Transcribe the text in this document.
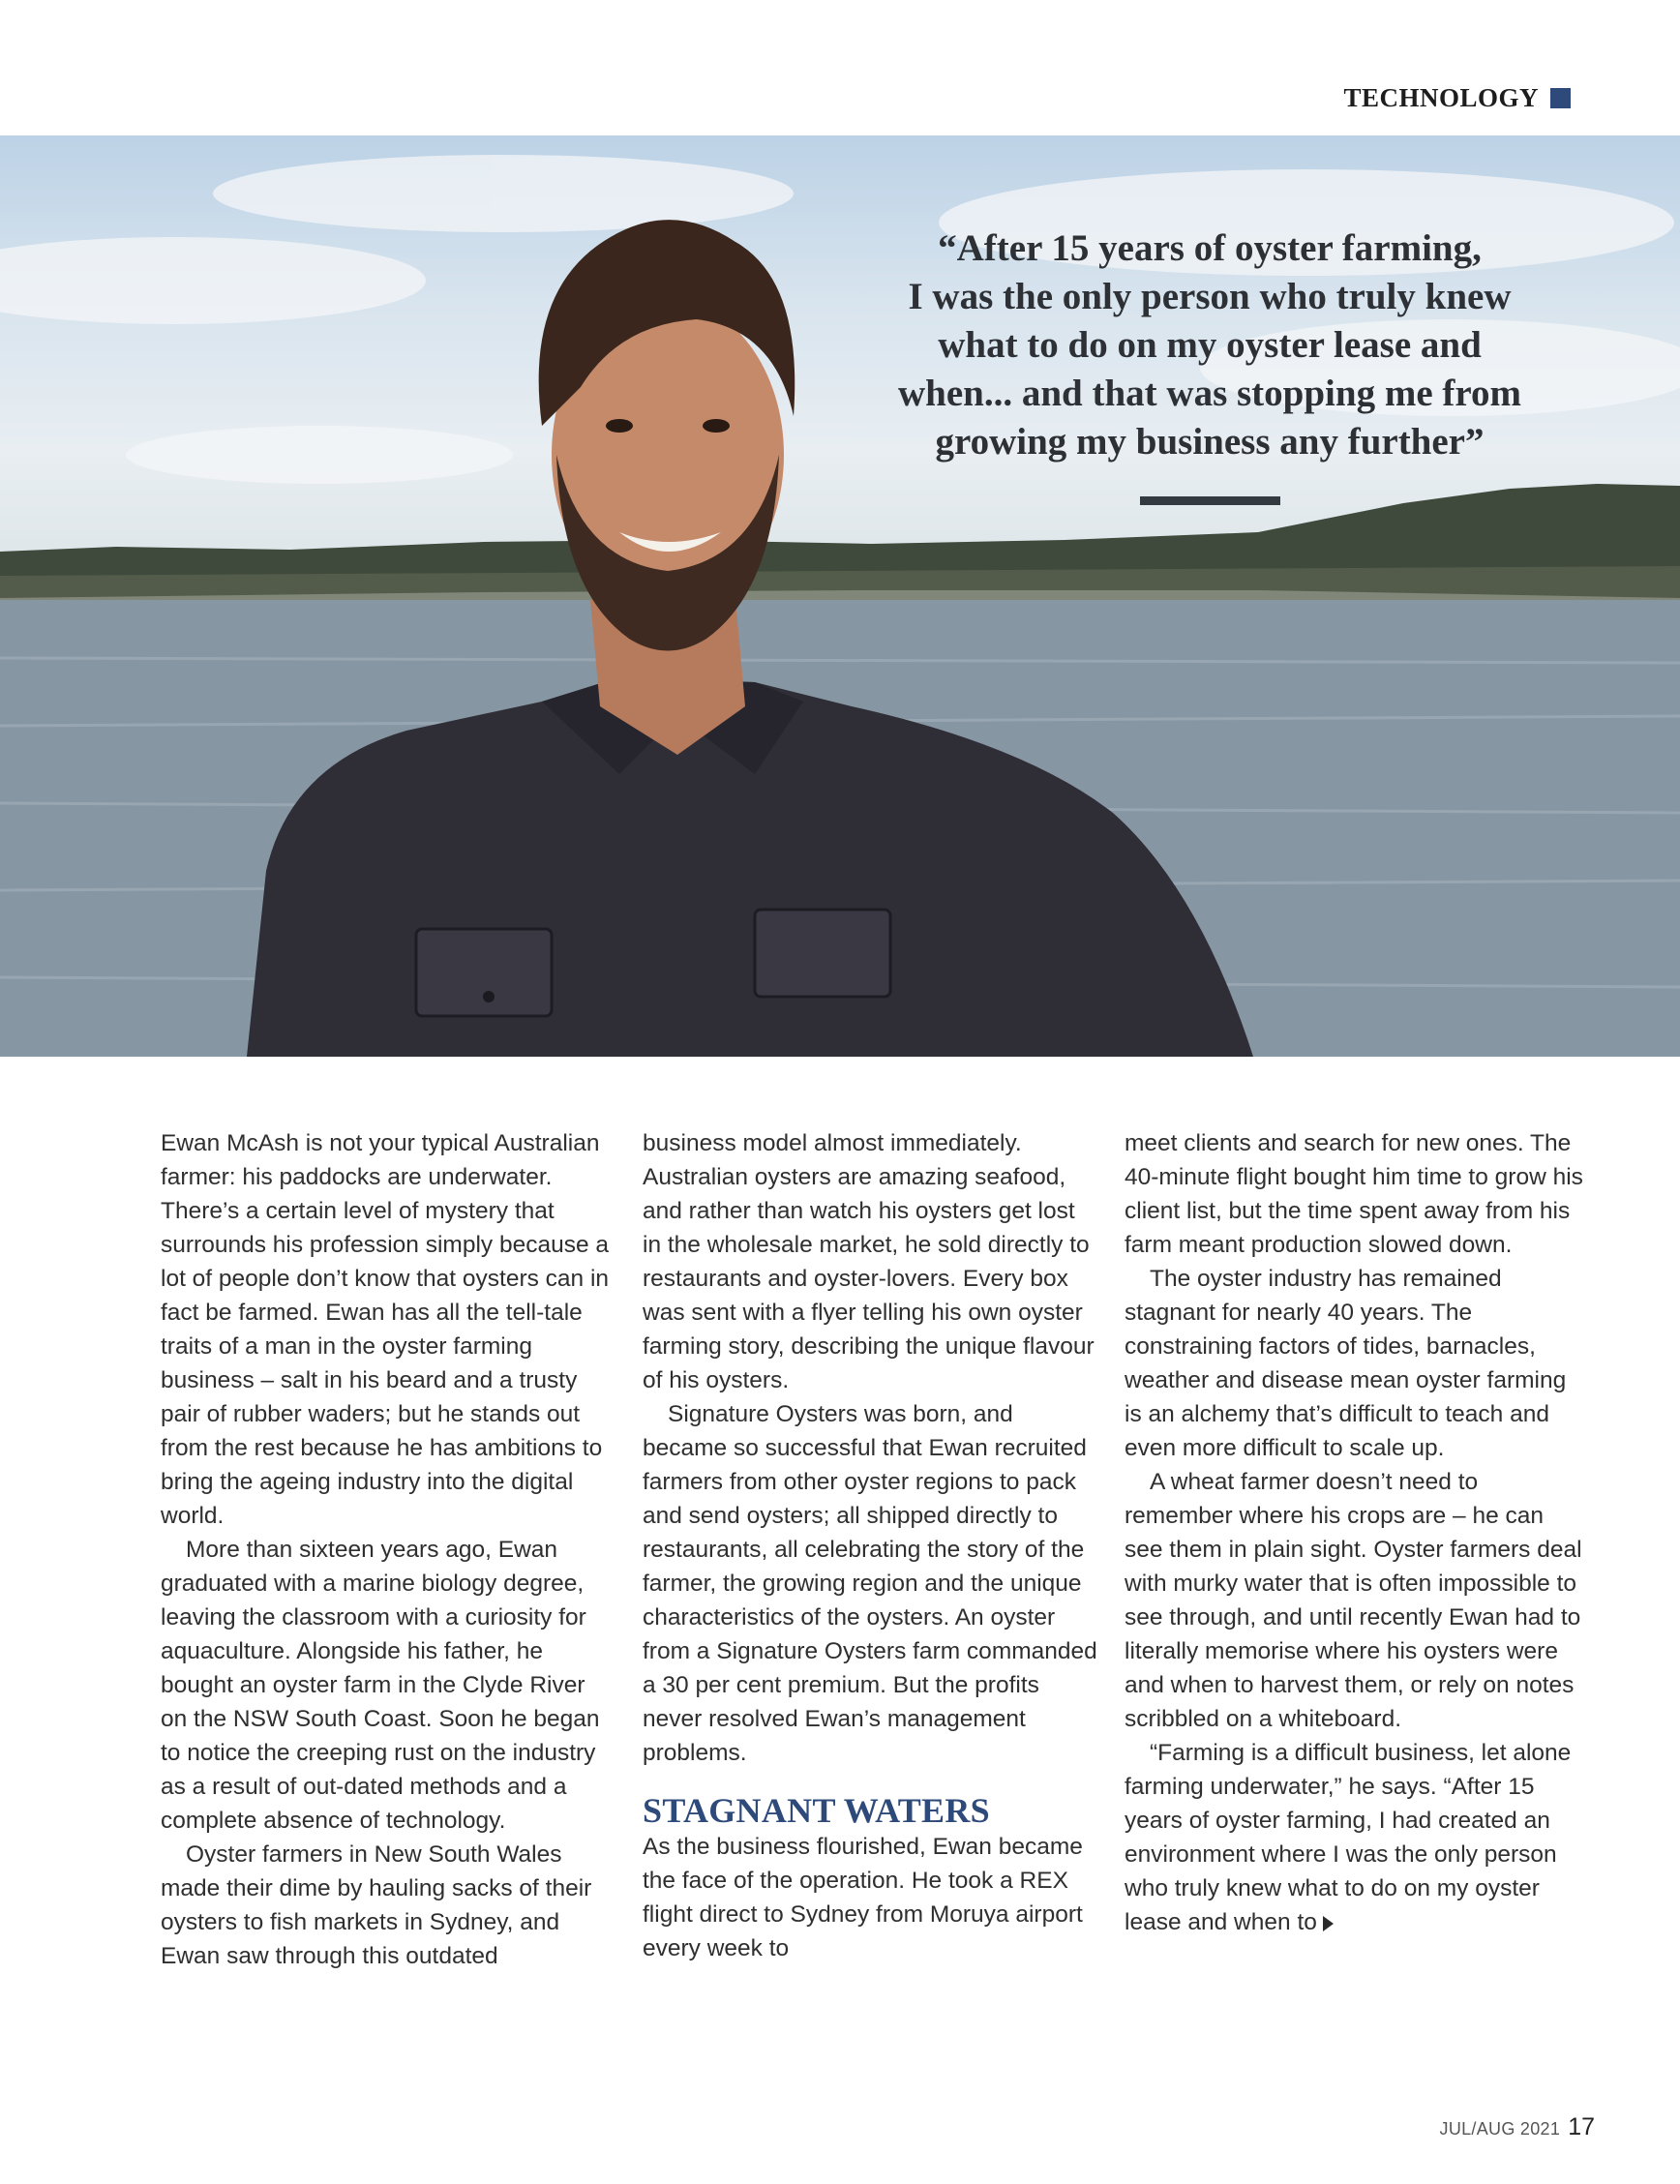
TECHNOLOGY
“After 15 years of oyster farming,
I was the only person who truly knew
what to do on my oyster lease and
when... and that was stopping me from
growing my business any further”

Ewan McAsh is not your typical Australian farmer: his paddocks are underwater. There’s a certain level of mystery that surrounds his profession simply because a lot of people don’t know that oysters can in fact be farmed. Ewan has all the tell-tale traits of a man in the oyster farming business – salt in his beard and a trusty pair of rubber waders; but he stands out from the rest because he has ambitions to bring the ageing industry into the digital world.

More than sixteen years ago, Ewan graduated with a marine biology degree, leaving the classroom with a curiosity for aquaculture. Alongside his father, he bought an oyster farm in the Clyde River on the NSW South Coast. Soon he began to notice the creeping rust on the industry as a result of out-dated methods and a complete absence of technology.

Oyster farmers in New South Wales made their dime by hauling sacks of their oysters to fish markets in Sydney, and Ewan saw through this outdated

business model almost immediately. Australian oysters are amazing seafood, and rather than watch his oysters get lost in the wholesale market, he sold directly to restaurants and oyster-lovers. Every box was sent with a flyer telling his own oyster farming story, describing the unique flavour of his oysters.

Signature Oysters was born, and became so successful that Ewan recruited farmers from other oyster regions to pack and send oysters; all shipped directly to restaurants, all celebrating the story of the farmer, the growing region and the unique characteristics of the oysters. An oyster from a Signature Oysters farm commanded a 30 per cent premium. But the profits never resolved Ewan’s management problems.

STAGNANT WATERS

As the business flourished, Ewan became the face of the operation. He took a REX flight direct to Sydney from Moruya airport every week to

meet clients and search for new ones. The 40-minute flight bought him time to grow his client list, but the time spent away from his farm meant production slowed down.

The oyster industry has remained stagnant for nearly 40 years. The constraining factors of tides, barnacles, weather and disease mean oyster farming is an alchemy that’s difficult to teach and even more difficult to scale up.

A wheat farmer doesn’t need to remember where his crops are – he can see them in plain sight. Oyster farmers deal with murky water that is often impossible to see through, and until recently Ewan had to literally memorise where his oysters were and when to harvest them, or rely on notes scribbled on a whiteboard.

“Farming is a difficult business, let alone farming underwater,” he says. “After 15 years of oyster farming, I had created an environment where I was the only person who truly knew what to do on my oyster lease and when to

JUL/AUG 2021 17
